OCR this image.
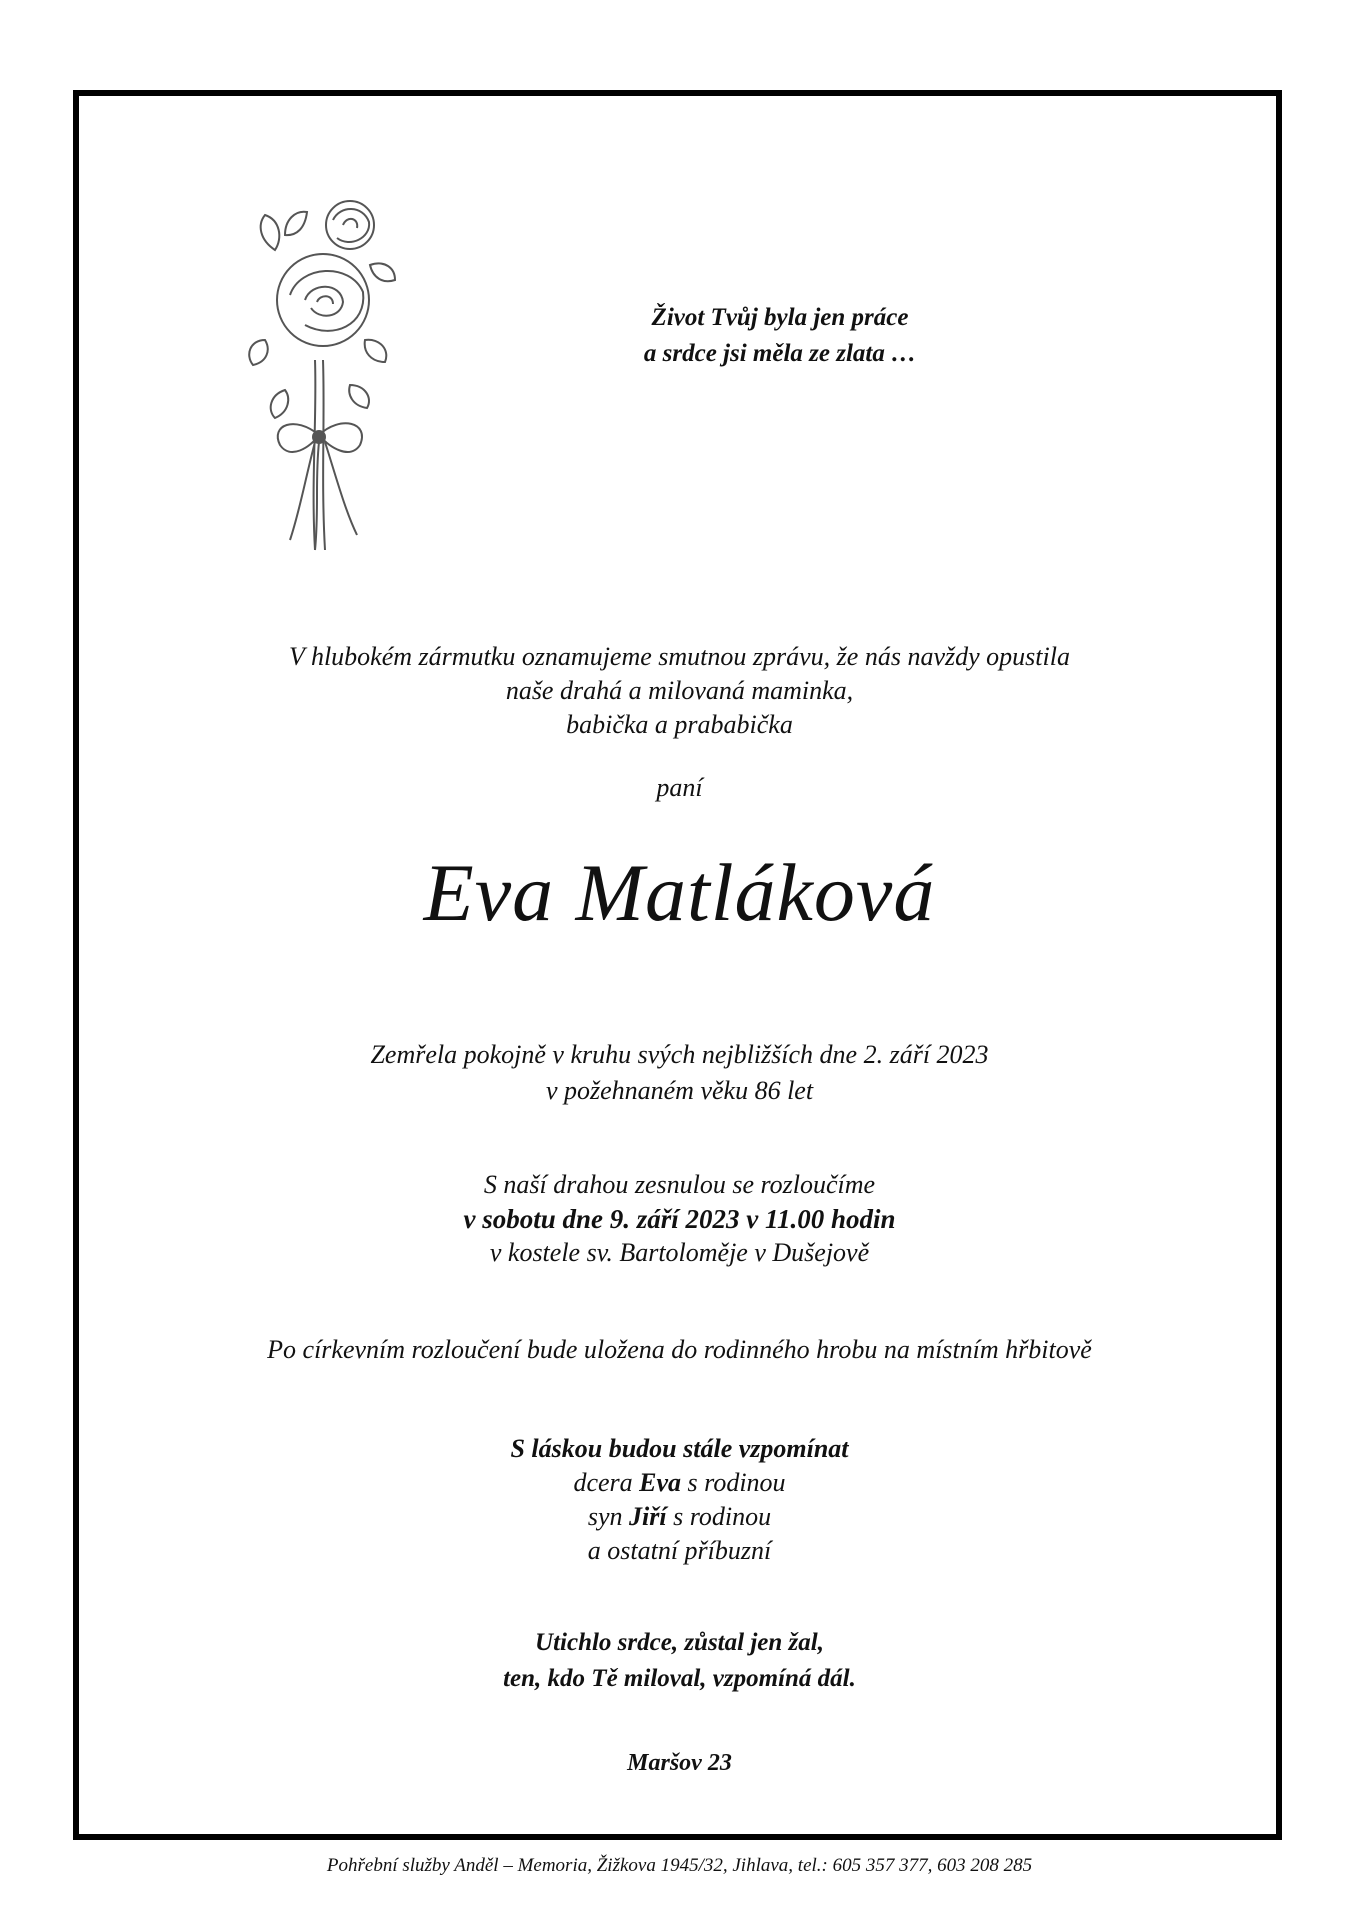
Život Tvůj byla jen práce
a srdce jsi měla ze zlata …
V hlubokém zármutku oznamujeme smutnou zprávu, že nás navždy opustila
naše drahá a milovaná maminka,
babička a prababička
paní
Eva Matláková
Zemřela pokojně v kruhu svých nejbližších dne 2. září 2023
v požehnaném věku 86 let
S naší drahou zesnulou se rozloučíme
v sobotu dne 9. září 2023 v 11.00 hodin
v kostele sv. Bartoloměje v Dušejově
Po církevním rozloučení bude uložena do rodinného hrobu na místním hřbitově
S láskou budou stále vzpomínat
dcera Eva s rodinou
syn Jiří s rodinou
a ostatní příbuzní
Utichlo srdce, zůstal jen žal,
ten, kdo Tě miloval, vzpomíná dál.
Maršov 23
Pohřební služby Anděl – Memoria, Žižkova 1945/32, Jihlava, tel.: 605 357 377, 603 208 285
